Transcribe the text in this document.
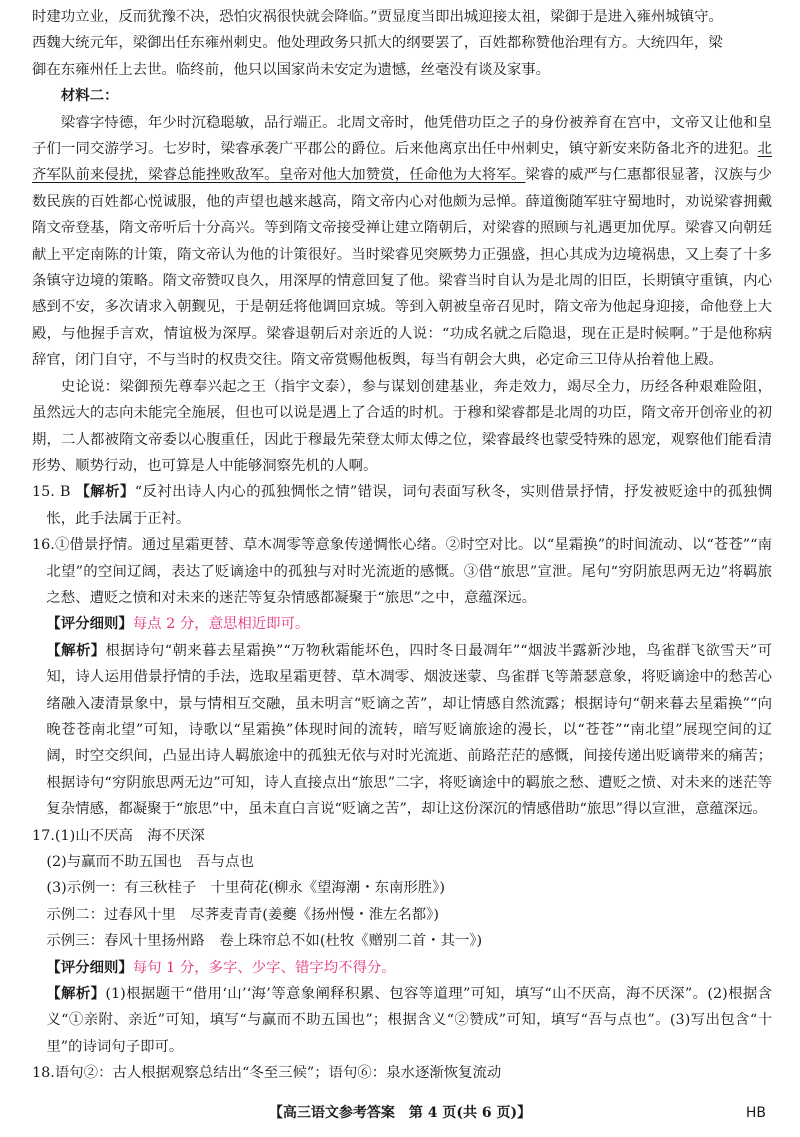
时建功立业，反而犹豫不决，恐怕灾祸很快就会降临。”贾显度当即出城迎接太祖，梁御于是进入雍州城镇守。

西魏大统元年，梁御出任东雍州刺史。他处理政务只抓大的纲要罢了，百姓都称赞他治理有方。大统四年，梁

御在东雍州任上去世。临终前，他只以国家尚未安定为遗憾，丝毫没有谈及家事。

材料二：

梁睿字恃德，年少时沉稳聪敏，品行端正。北周文帝时，他凭借功臣之子的身份被养育在宫中，文帝又让他和皇子们一同交游学习。七岁时，梁睿承袭广平郡公的爵位。后来他离京出任中州刺史，镇守新安来防备北齐的进犯。北齐军队前来侵扰，梁睿总能挫败敌军。皇帝对他大加赞赏，任命他为大将军。梁睿的威严与仁惠都很显著，汉族与少数民族的百姓都心悦诚服，他的声望也越来越高，隋文帝内心对他颇为忌惮。薛道衡随军驻守蜀地时，劝说梁睿拥戴隋文帝登基，隋文帝听后十分高兴。等到隋文帝接受禅让建立隋朝后，对梁睿的照顾与礼遇更加优厚。梁睿又向朝廷献上平定南陈的计策，隋文帝认为他的计策很好。当时梁睿见突厥势力正强盛，担心其成为边境祸患，又上奏了十多条镇守边境的策略。隋文帝赞叹良久，用深厚的情意回复了他。梁睿当时自认为是北周的旧臣，长期镇守重镇，内心感到不安，多次请求入朝觐见，于是朝廷将他调回京城。等到入朝被皇帝召见时，隋文帝为他起身迎接，命他登上大殿，与他握手言欢，情谊极为深厚。梁睿退朝后对亲近的人说：“功成名就之后隐退，现在正是时候啊。”于是他称病辞官，闭门自守，不与当时的权贵交往。隋文帝赏赐他板舆，每当有朝会大典，必定命三卫侍从抬着他上殿。

史论说：梁御预先尊奉兴起之王（指宇文泰），参与谋划创建基业，奔走效力，竭尽全力，历经各种艰难险阻，虽然远大的志向未能完全施展，但也可以说是遇上了合适的时机。于穆和梁睿都是北周的功臣，隋文帝开创帝业的初期，二人都被隋文帝委以心腹重任，因此于穆最先荣登太师太傅之位，梁睿最终也蒙受特殊的恩宠，观察他们能看清形势、顺势行动，也可算是人中能够洞察先机的人啊。

15. B 【解析】“反衬出诗人内心的孤独惆怅之情”错误，词句表面写秋冬，实则借景抒情，抒发被贬途中的孤独惆怅，此手法属于正衬。

16.①借景抒情。通过星霜更替、草木凋零等意象传递惆怅心绪。②时空对比。以“星霜换”的时间流动、以“苍苍”“南北望”的空间辽阔，表达了贬谪途中的孤独与对时光流逝的感慨。③借“旅思”宣泄。尾句“穷阴旅思两无边”将羁旅之愁、遭贬之愤和对未来的迷茫等复杂情感都凝聚于“旅思”之中，意蕴深远。

【评分细则】每点 2 分，意思相近即可。

【解析】根据诗句“朝来暮去星霜换”“万物秋霜能坏色，四时冬日最凋年”“烟波半露新沙地，鸟雀群飞欲雪天”可知，诗人运用借景抒情的手法，选取星霜更替、草木凋零、烟波迷蒙、鸟雀群飞等萧瑟意象，将贬谪途中的愁苦心绪融入凄清景象中，景与情相互交融，虽未明言“贬谪之苦”，却让情感自然流露；根据诗句“朝来暮去星霜换”“向晚苍苍南北望”可知，诗歌以“星霜换”体现时间的流转，暗写贬谪旅途的漫长，以“苍苍”“南北望”展现空间的辽阔，时空交织间，凸显出诗人羁旅途中的孤独无依与对时光流逝、前路茫茫的感慨，间接传递出贬谪带来的痛苦；根据诗句“穷阴旅思两无边”可知，诗人直接点出“旅思”二字，将贬谪途中的羁旅之愁、遭贬之愤、对未来的迷茫等复杂情感，都凝聚于“旅思”中，虽未直白言说“贬谪之苦”，却让这份深沉的情感借助“旅思”得以宣泄，意蕴深远。

17.(1)山不厌高　海不厌深

(2)与赢而不助五国也　吾与点也

(3)示例一：有三秋桂子　十里荷花(柳永《望海潮・东南形胜》)

示例二：过春风十里　尽荠麦青青(姜夔《扬州慢・淮左名都》)

示例三：春风十里扬州路　卷上珠帘总不如(杜牧《赠别二首・其一》)

【评分细则】每句 1 分，多字、少字、错字均不得分。

【解析】(1)根据题干“借用‘山’‘海’等意象阐释积累、包容等道理”可知，填写“山不厌高，海不厌深”。(2)根据含义“①亲附、亲近”可知，填写“与赢而不助五国也”；根据含义“②赞成”可知，填写“吾与点也”。(3)写出包含“十里”的诗词句子即可。

18.语句②：古人根据观察总结出“冬至三候”；语句⑥：泉水逐渐恢复流动

【高三语文参考答案　第 4 页(共 6 页)】	HB
